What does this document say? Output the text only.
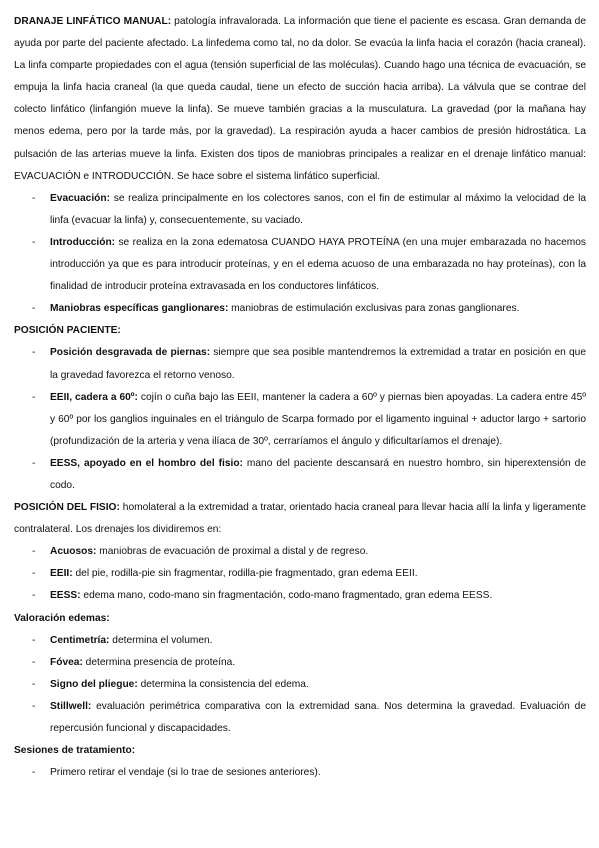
DRANAJE LINFÁTICO MANUAL: patología infravalorada. La información que tiene el paciente es escasa. Gran demanda de ayuda por parte del paciente afectado. La linfedema como tal, no da dolor. Se evacúa la linfa hacia el corazón (hacia craneal). La linfa comparte propiedades con el agua (tensión superficial de las moléculas). Cuando hago una técnica de evacuación, se empuja la linfa hacia craneal (la que queda caudal, tiene un efecto de succión hacia arriba). La válvula que se contrae del colecto linfático (linfangión mueve la linfa). Se mueve también gracias a la musculatura. La gravedad (por la mañana hay menos edema, pero por la tarde más, por la gravedad). La respiración ayuda a hacer cambios de presión hidrostática. La pulsación de las arterias mueve la linfa. Existen dos tipos de maniobras principales a realizar en el drenaje linfático manual: EVACUACIÓN e INTRODUCCIÓN. Se hace sobre el sistema linfático superficial.

- Evacuación: se realiza principalmente en los colectores sanos, con el fin de estimular al máximo la velocidad de la linfa (evacuar la linfa) y, consecuentemente, su vaciado.
- Introducción: se realiza en la zona edematosa CUANDO HAYA PROTEÍNA (en una mujer embarazada no hacemos introducción ya que es para introducir proteínas, y en el edema acuoso de una embarazada no hay proteínas), con la finalidad de introducir proteína extravasada en los conductores linfáticos.
- Maniobras específicas ganglionares: maniobras de estimulación exclusivas para zonas ganglionares.

POSICIÓN PACIENTE:

- Posición desgravada de piernas: siempre que sea posible mantendremos la extremidad a tratar en posición en que la gravedad favorezca el retorno venoso.
- EEII, cadera a 60º: cojín o cuña bajo las EEII, mantener la cadera a 60º y piernas bien apoyadas. La cadera entre 45º y 60º por los ganglios inguinales en el triángulo de Scarpa formado por el ligamento inguinal + aductor largo + sartorio (profundización de la arteria y vena ilíaca de 30º, cerraríamos el ángulo y dificultaríamos el drenaje).
- EESS, apoyado en el hombro del fisio: mano del paciente descansará en nuestro hombro, sin hiperextensión de codo.

POSICIÓN DEL FISIO: homolateral a la extremidad a tratar, orientado hacia craneal para llevar hacia allí la linfa y ligeramente contralateral. Los drenajes los dividiremos en:

- Acuosos: maniobras de evacuación de proximal a distal y de regreso.
- EEII: del pie, rodilla-pie sin fragmentar, rodilla-pie fragmentado, gran edema EEII.
- EESS: edema mano, codo-mano sin fragmentación, codo-mano fragmentado, gran edema EESS.

Valoración edemas:

- Centimetría: determina el volumen.
- Fóvea: determina presencia de proteína.
- Signo del pliegue: determina la consistencia del edema.
- Stillwell: evaluación perimétrica comparativa con la extremidad sana. Nos determina la gravedad. Evaluación de repercusión funcional y discapacidades.

Sesiones de tratamiento:

- Primero retirar el vendaje (si lo trae de sesiones anteriores).
